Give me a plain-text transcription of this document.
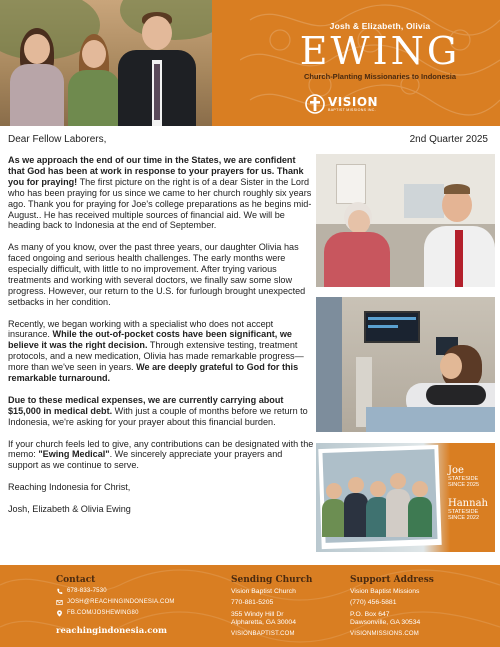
Josh & Elizabeth, Olivia
EWING
Church-Planting Missionaries to Indonesia
VISION
BAPTIST MISSIONS INC.
Dear Fellow Laborers,	2nd Quarter 2025

As we approach the end of our time in the States, we are confident that God has been at work in response to your prayers for us. Thank you for praying! The first picture on the right is of a dear Sister in the Lord who has been praying for us since we came to her church roughly six years ago. Thank you for praying for Joe's college preparations as he begins mid-August.. He has received multiple sources of financial aid. We will be heading back to Indonesia at the end of September.

As many of you know, over the past three years, our daughter Olivia has faced ongoing and serious health challenges. The early months were especially difficult, with little to no improvement. After trying various treatments and working with several doctors, we finally saw some slow progress. However, our return to the U.S. for furlough brought unexpected setbacks in her condition.

Recently, we began working with a specialist who does not accept insurance. While the out-of-pocket costs have been significant, we believe it was the right decision. Through extensive testing, treatment protocols, and a new medication, Olivia has made remarkable progress—more than we've seen in years. We are deeply grateful to God for this remarkable turnaround.

Due to these medical expenses, we are currently carrying about $15,000 in medical debt. With just a couple of months before we return to Indonesia, we're asking for your prayer about this financial burden.

If your church feels led to give, any contributions can be designated with the memo: "Ewing Medical". We sincerely appreciate your prayers and support as we continue to serve.

Reaching Indonesia for Christ,

Josh, Elizabeth & Olivia Ewing

Joe
STATESIDE
SINCE 2025
Hannah
STATESIDE
SINCE 2022
Contact
678-833-7530
JOSH@REACHINGINDONESIA.COM
FB.COM/JOSHEWING80
reachingindonesia.com
Sending Church
Vision Baptist Church
770-881-5205
355 Windy Hill Dr
Alpharetta, GA 30004
VISIONBAPTIST.COM
Support Address
Vision Baptist Missions
(770) 456-5881
P.O. Box 647
Dawsonville, GA 30534
VISIONMISSIONS.COM
